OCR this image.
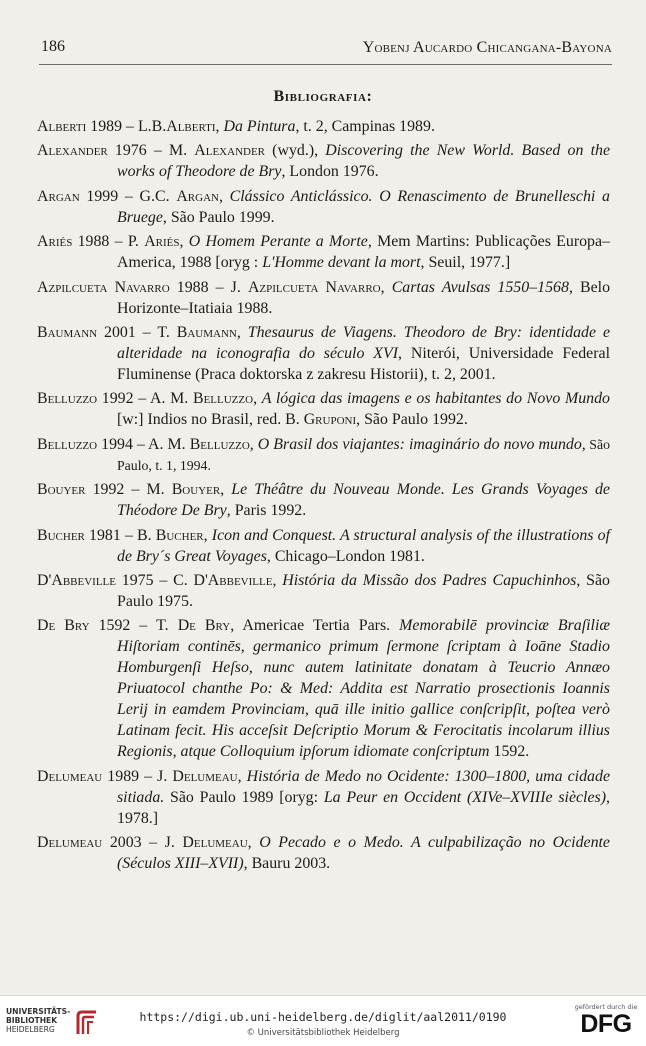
186	Yobenj Aucardo Chicangana-Bayona
Bibliografia:
Alberti 1989 – L.B.Alberti, Da Pintura, t. 2, Campinas 1989.
Alexander 1976 – M. Alexander (wyd.), Discovering the New World. Based on the works of Theodore de Bry, London 1976.
Argan 1999 – G.C. Argan, Clássico Anticlássico. O Renascimento de Brunelleschi a Bruege, São Paulo 1999.
Ariés 1988 – P. Ariés, O Homem Perante a Morte, Mem Martins: Publicações Europa–America, 1988 [oryg : L'Homme devant la mort, Seuil, 1977.]
Azpilcueta Navarro 1988 – J. Azpilcueta Navarro, Cartas Avulsas 1550–1568, Belo Horizonte–Itatiaia 1988.
Baumann 2001 – T. Baumann, Thesaurus de Viagens. Theodoro de Bry: identidade e alteridade na iconografia do século XVI, Niterói, Universidade Federal Fluminense (Praca doktorska z zakresu Historii), t. 2, 2001.
Belluzzo 1992 – A. M. Belluzzo, A lógica das imagens e os habitantes do Novo Mundo [w:] Indios no Brasil, red. B. Gruponi, São Paulo 1992.
Belluzzo 1994 – A. M. Belluzzo, O Brasil dos viajantes: imaginário do novo mundo, São Paulo, t. 1, 1994.
Bouyer 1992 – M. Bouyer, Le Théâtre du Nouveau Monde. Les Grands Voyages de Théodore De Bry, Paris 1992.
Bucher 1981 – B. Bucher, Icon and Conquest. A structural analysis of the illustrations of de Bry´s Great Voyages, Chicago–London 1981.
D'Abbeville 1975 – C. D'Abbeville, História da Missão dos Padres Capuchinhos, São Paulo 1975.
De Bry 1592 – T. De Bry, Americae Tertia Pars. Memorabilē provinciæ Braſiliæ Hiſtoriam continēs, germanico primum ſermone ſcriptam à Ioāne Stadio Homburgenſi Heſso, nunc autem latinitate donatam à Teucrio Annæo Priuatocol chanthe Po: & Med: Addita est Narratio prosectionis Ioannis Lerij in eamdem Provinciam, quā ille initio gallice conſcripſit, poſtea verò Latinam fecit. His acceſsit Deſcriptio Morum & Ferocitatis incolarum illius Regionis, atque Colloquium ipſorum idiomate conſcriptum 1592.
Delumeau 1989 – J. Delumeau, História de Medo no Ocidente: 1300–1800, uma cidade sitiada. São Paulo 1989 [oryg: La Peur en Occident (XIVe–XVIIIe siècles), 1978.]
Delumeau 2003 – J. Delumeau, O Pecado e o Medo. A culpabilização no Ocidente (Séculos XIII–XVII), Bauru 2003.
UNIVERSITÄTS-
BIBLIOTHEK
HEIDELBERG
https://digi.ub.uni-heidelberg.de/diglit/aal2011/0190
© Universitätsbibliothek Heidelberg
gefördert durch die
DFG
